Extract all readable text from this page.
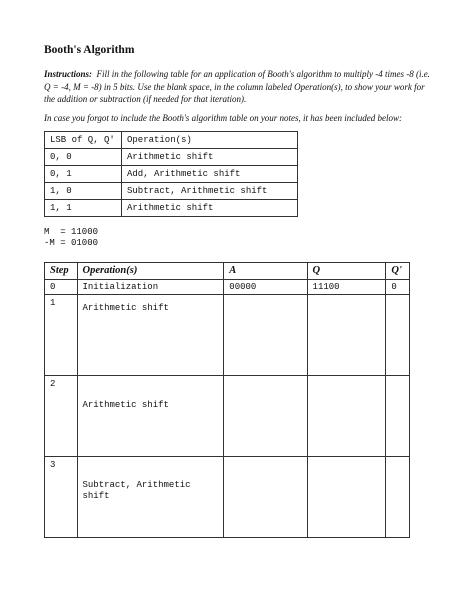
Booth's Algorithm
Instructions: Fill in the following table for an application of Booth's algorithm to multiply -4 times -8 (i.e. Q = -4, M = -8) in 5 bits. Use the blank space, in the column labeled Operation(s), to show your work for the addition or subtraction (if needed for that iteration).
In case you forgot to include the Booth's algorithm table on your notes, it has been included below:
LSB of Q, Q'	Operation(s)
0, 0	Arithmetic shift
0, 1	Add, Arithmetic shift
1, 0	Subtract, Arithmetic shift
1, 1	Arithmetic shift
M  = 11000
-M = 01000
Step	Operation(s)	A	Q	Q'
0	Initialization	00000	11100	0

1	Arithmetic shift			

2	Arithmetic shift			

3	Subtract, Arithmetic shift			
